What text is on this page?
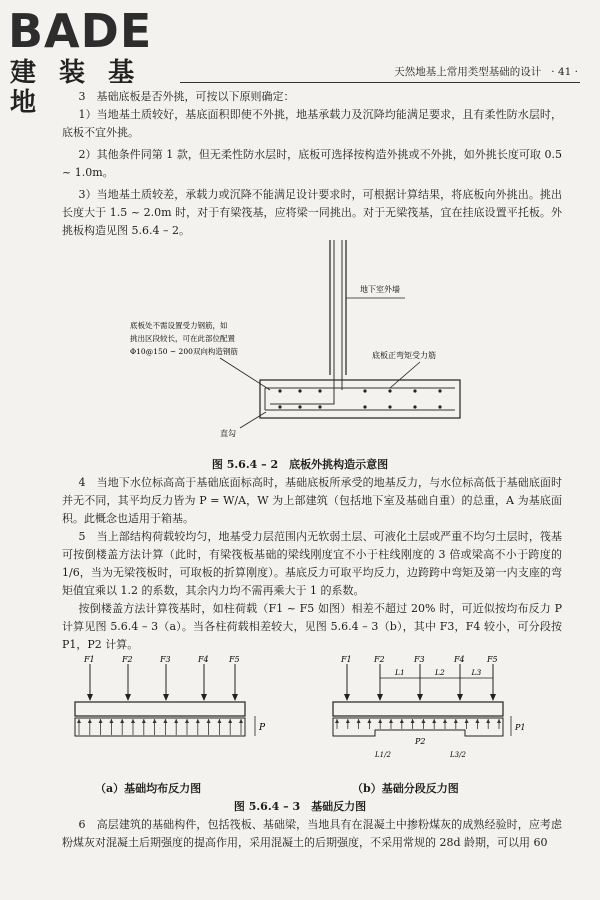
BADE
建 装 基 地
天然地基上常用类型基础的设计 · 41 ·

3　基础底板是否外挑，可按以下原则确定：

1）当地基土质较好，基底面积即使不外挑，地基承载力及沉降均能满足要求，且有柔性防水层时，底板不宜外挑。

2）其他条件同第 1 款，但无柔性防水层时，底板可选择按构造外挑或不外挑，如外挑长度可取 0.5 ~ 1.0m。

3）当地基土质较差，承载力或沉降不能满足设计要求时，可根据计算结果，将底板向外挑出。挑出长度大于 1.5 ~ 2.0m 时，对于有梁筏基，应将梁一同挑出。对于无梁筏基，宜在挂底设置平托板。外挑板构造见图 5.6.4 – 2。

地下室外墙
底板处不需设置受力钢筋，如
挑出区段较长，可在此部位配置
Φ10@150 ~ 200双向构造钢筋	底板正弯矩受力筋
直勾
图 5.6.4 – 2　底板外挑构造示意图

4　当地下水位标高高于基础底面标高时，基础底板所承受的地基反力，与水位标高低于基础底面时并无不同，其平均反力皆为 P = W/A，W 为上部建筑（包括地下室及基础自重）的总重，A 为基底面积。此概念也适用于箱基。

5　当上部结构荷载较均匀，地基受力层范围内无软弱土层、可液化土层或严重不均匀土层时，筏基可按倒楼盖方法计算（此时，有梁筏板基础的梁线刚度宜不小于柱线刚度的 3 倍或梁高不小于跨度的 1/6，当为无梁筏板时，可取板的折算刚度）。基底反力可取平均反力，边跨跨中弯矩及第一内支座的弯矩值宜乘以 1.2 的系数，其余内力均不需再乘大于 1 的系数。

按倒楼盖方法计算筏基时，如柱荷载（F1 ~ F5 如图）相差不超过 20% 时，可近似按均布反力 P 计算见图 5.6.4 – 3（a）。当各柱荷载相差较大，见图 5.6.4 – 3（b），其中 F3，F4 较小，可分段按 P1，P2 计算。

F1	F2	F3	F4	F5
P
F1	F2	F3	F4	F5
L1	L2	L3
P1
P2
L1/2	L3/2
（a）基础均布反力图	（b）基础分段反力图
图 5.6.4 – 3　基础反力图

6　高层建筑的基础构件，包括筏板、基础梁，当地具有在混凝土中掺粉煤灰的成熟经验时，应考虑粉煤灰对混凝土后期强度的提高作用，采用混凝土的后期强度，不采用常规的 28d 龄期，可以用 60
